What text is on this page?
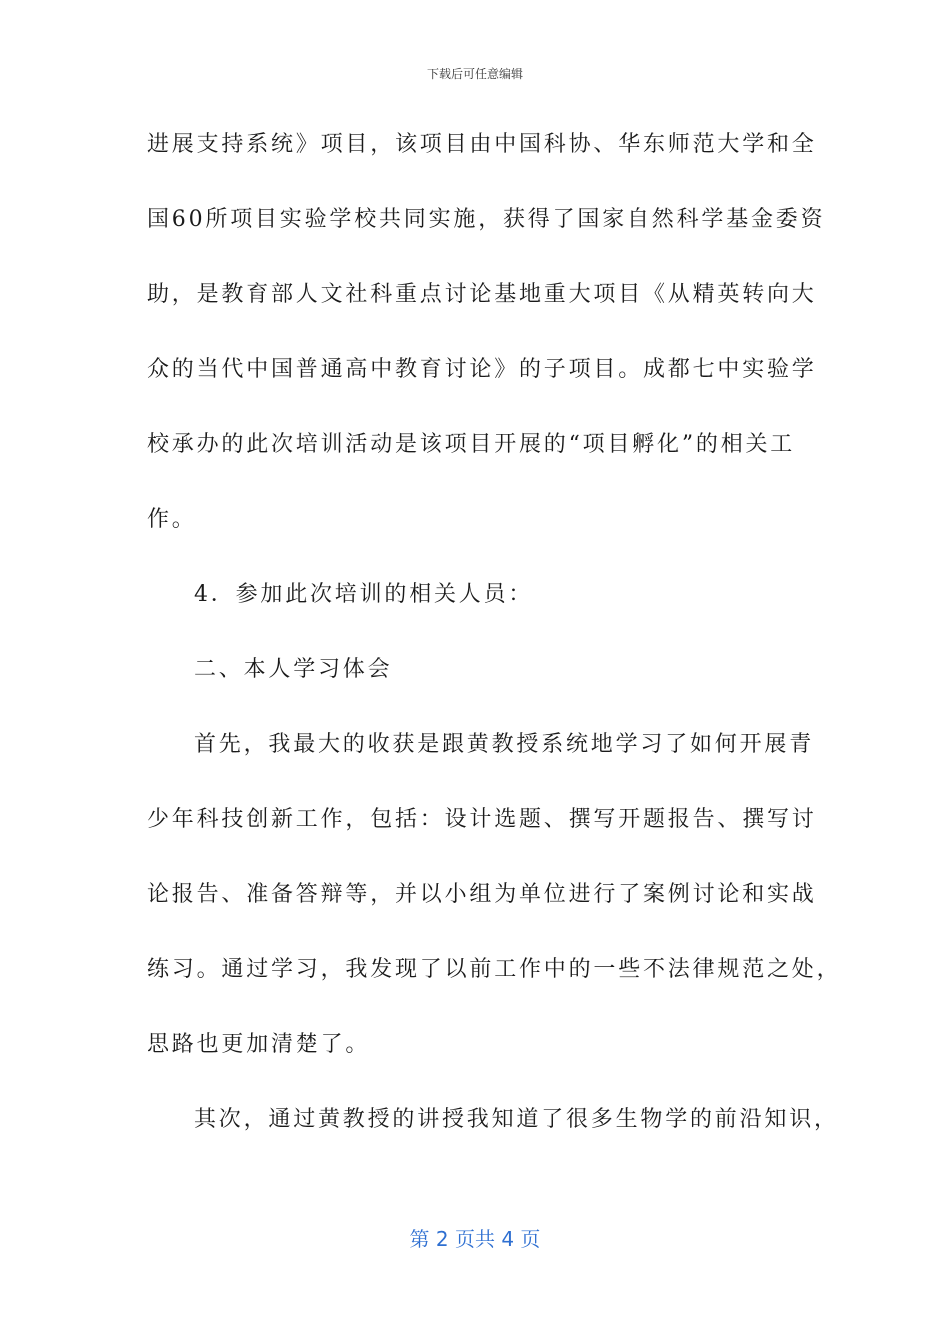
下载后可任意编辑
进展支持系统》项目，该项目由中国科协、华东师范大学和全
国60所项目实验学校共同实施，获得了国家自然科学基金委资
助，是教育部人文社科重点讨论基地重大项目《从精英转向大
众的当代中国普通高中教育讨论》的子项目。成都七中实验学
校承办的此次培训活动是该项目开展的“项目孵化”的相关工
作。
4．参加此次培训的相关人员：
二、本人学习体会
首先，我最大的收获是跟黄教授系统地学习了如何开展青
少年科技创新工作，包括：设计选题、撰写开题报告、撰写讨
论报告、准备答辩等，并以小组为单位进行了案例讨论和实战
练习。通过学习，我发现了以前工作中的一些不法律规范之处，
思路也更加清楚了。
其次，通过黄教授的讲授我知道了很多生物学的前沿知识，
第 2 页共 4 页
